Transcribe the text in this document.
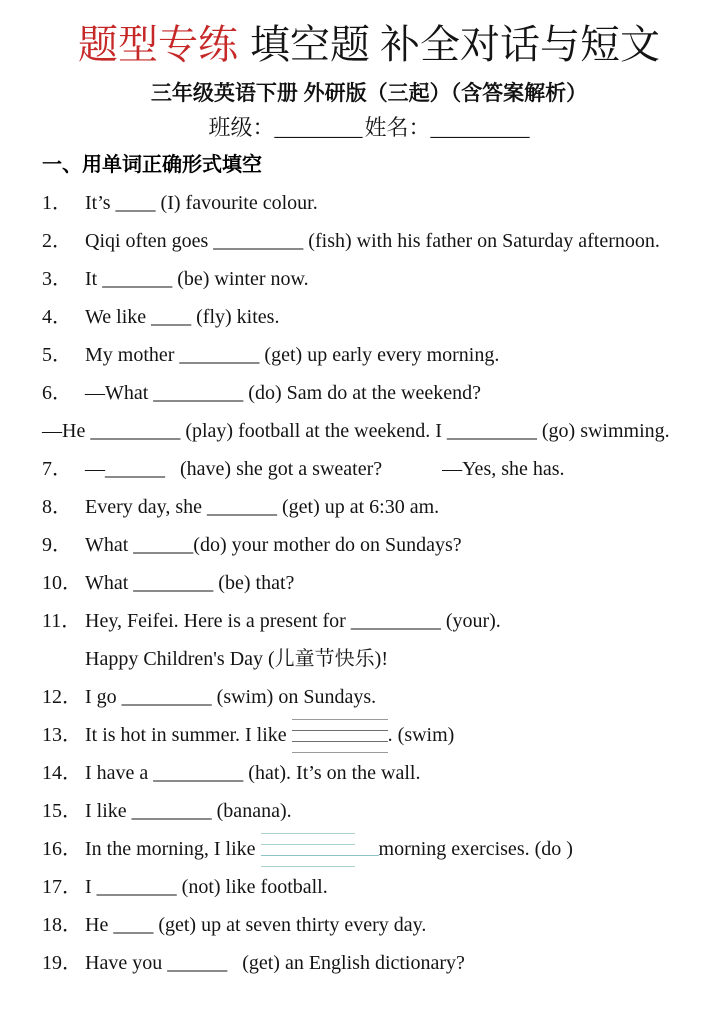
题型专练 填空题 补全对话与短文
三年级英语下册 外研版（三起）（含答案解析）
班级：________姓名：_________
一、用单词正确形式填空
1． It’s ____ (I) favourite colour.
2． Qiqi often goes _________ (fish) with his father on Saturday afternoon.
3． It _______ (be) winter now.
4． We like ____ (fly) kites.
5． My mother ________ (get) up early every morning.
6． —What _________ (do) Sam do at the weekend?
—He _________ (play) football at the weekend. I _________ (go) swimming.
7． —______   (have) she got a sweater?            —Yes, she has.
8． Every day, she _______ (get) up at 6:30 am.
9． What ______(do) your mother do on Sundays?
10． What ________ (be) that?
11． Hey, Feifei. Here is a present for _________ (your).
Happy Children's Day (儿童节快乐)!
12． I go _________ (swim) on Sundays.
13． It is hot in summer. I like	. (swim)
14． I have a _________ (hat). It’s on the wall.
15． I like ________ (banana).
16． In the morning, I like	morning exercises. (do )
17． I ________ (not) like football.
18． He ____ (get) up at seven thirty every day.
19． Have you ______   (get) an English dictionary?
